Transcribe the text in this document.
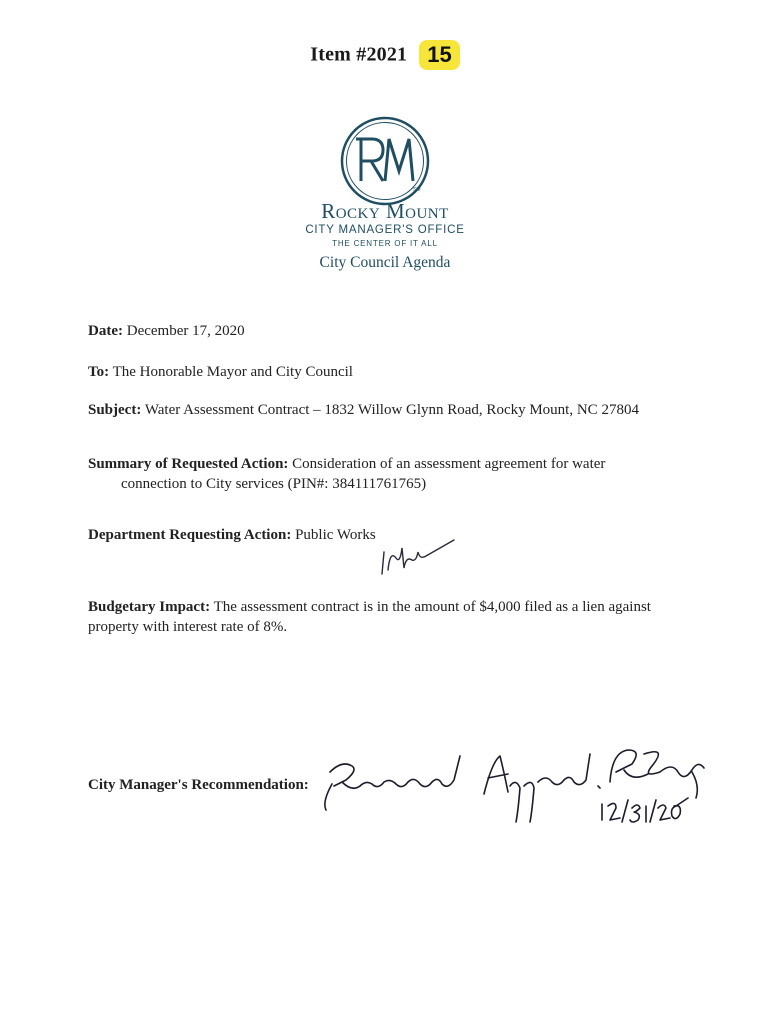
Item #2021 15
SM
Rocky Mount
CITY MANAGER'S OFFICE
THE CENTER OF IT ALL
City Council Agenda
Date: December 17, 2020
To: The Honorable Mayor and City Council
Subject: Water Assessment Contract – 1832 Willow Glynn Road, Rocky Mount, NC 27804
Summary of Requested Action: Consideration of an assessment agreement for water
connection to City services (PIN#: 384111761765)
Department Requesting Action: Public Works
Budgetary Impact: The assessment contract is in the amount of $4,000 filed as a lien against
property with interest rate of 8%.
City Manager's Recommendation:
